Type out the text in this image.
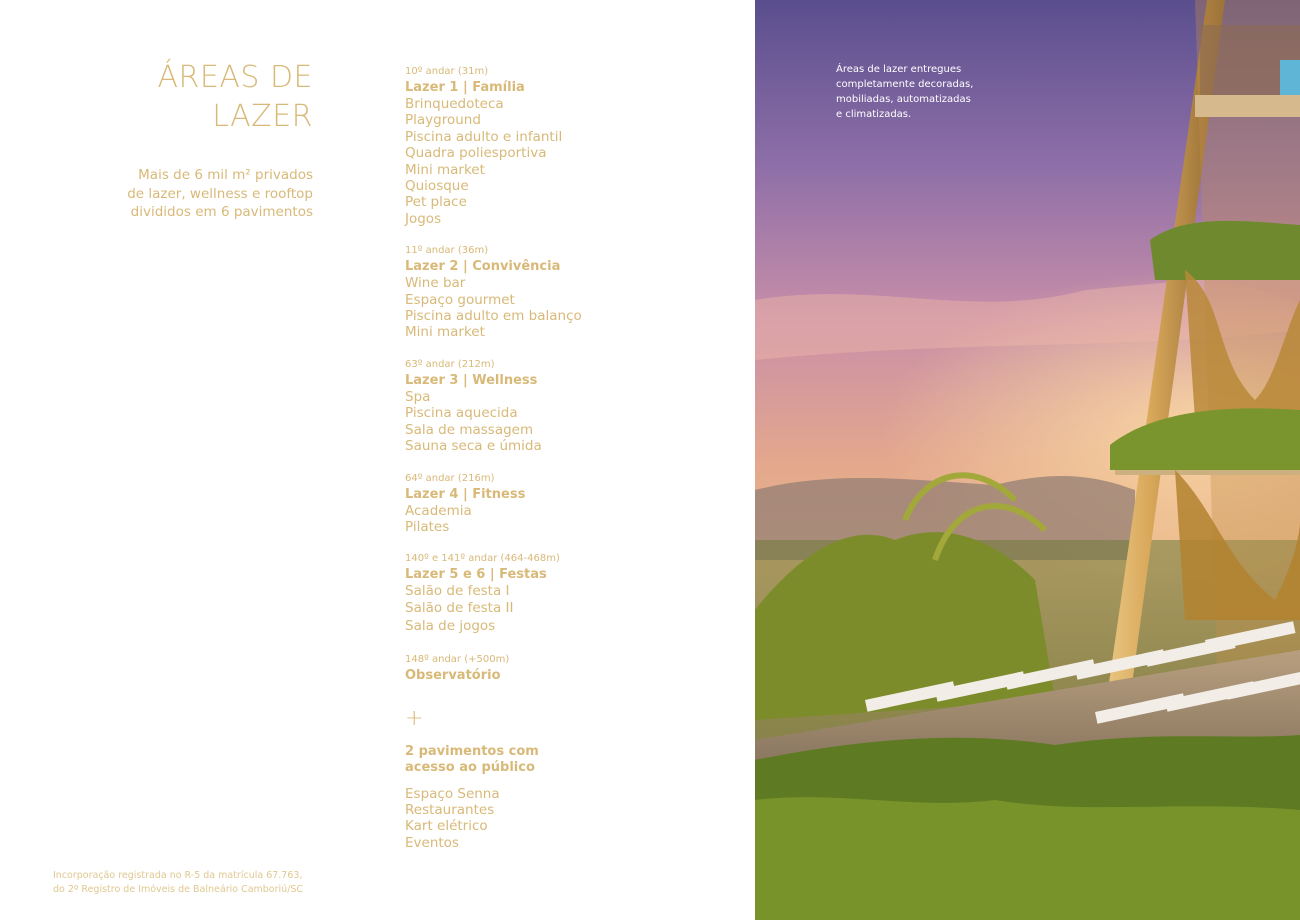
ÁREAS DE
LAZER
Mais de 6 mil m² privados
de lazer, wellness e rooftop
divididos em 6 pavimentos
10º andar (31m)
Lazer 1 | Família
Brinquedoteca
Playground
Piscina adulto e infantil
Quadra poliesportiva
Mini market
Quiosque
Pet place
Jogos
11º andar (36m)
Lazer 2 | Convivência
Wine bar
Espaço gourmet
Piscina adulto em balanço
Mini market
63º andar (212m)
Lazer 3 | Wellness
Spa
Piscina aquecida
Sala de massagem
Sauna seca e úmida
64º andar (216m)
Lazer 4 | Fitness
Academia
Pilates
140º e 141º andar (464-468m)
Lazer 5 e 6 | Festas
Salão de festa I
Salão de festa II
Sala de jogos
148º andar (+500m)
Observatório
+
2 pavimentos com
acesso ao público
Espaço Senna
Restaurantes
Kart elétrico
Eventos
Incorporação registrada no R-5 da matrícula 67.763,
do 2º Registro de Imóveis de Balneário Camboriú/SC
Áreas de lazer entregues
completamente decoradas,
mobiliadas, automatizadas
e climatizadas.
